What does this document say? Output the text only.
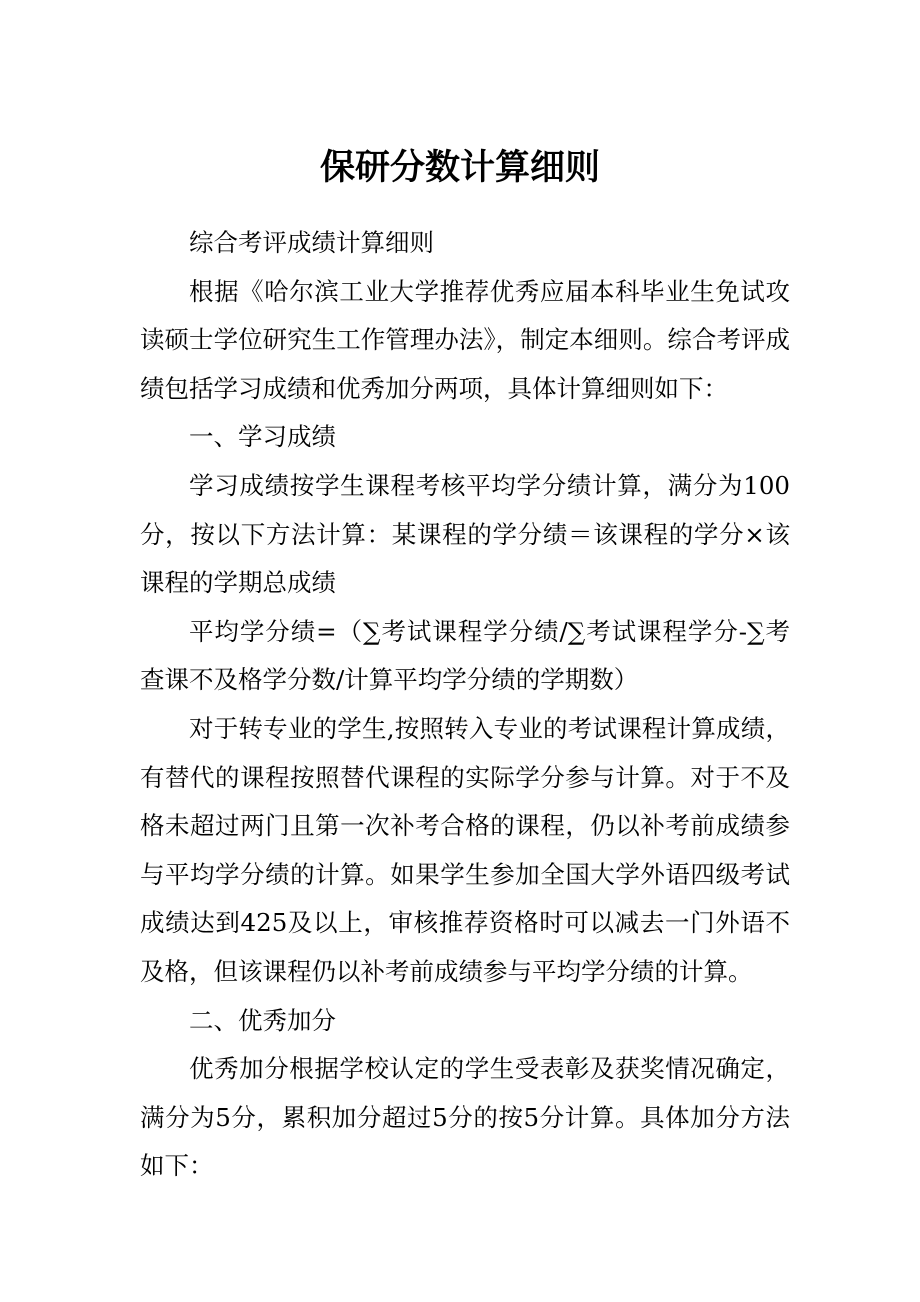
保研分数计算细则

综合考评成绩计算细则

根据《哈尔滨工业大学推荐优秀应届本科毕业生免试攻读硕士学位研究生工作管理办法》，制定本细则。综合考评成绩包括学习成绩和优秀加分两项，具体计算细则如下：

一、学习成绩

学习成绩按学生课程考核平均学分绩计算，满分为100分，按以下方法计算：某课程的学分绩＝该课程的学分×该课程的学期总成绩

平均学分绩=（∑考试课程学分绩/∑考试课程学分-∑考查课不及格学分数/计算平均学分绩的学期数）

对于转专业的学生,按照转入专业的考试课程计算成绩，有替代的课程按照替代课程的实际学分参与计算。对于不及格未超过两门且第一次补考合格的课程，仍以补考前成绩参与平均学分绩的计算。如果学生参加全国大学外语四级考试成绩达到425及以上，审核推荐资格时可以减去一门外语不及格，但该课程仍以补考前成绩参与平均学分绩的计算。

二、优秀加分

优秀加分根据学校认定的学生受表彰及获奖情况确定，满分为5分，累积加分超过5分的按5分计算。具体加分方法如下：
